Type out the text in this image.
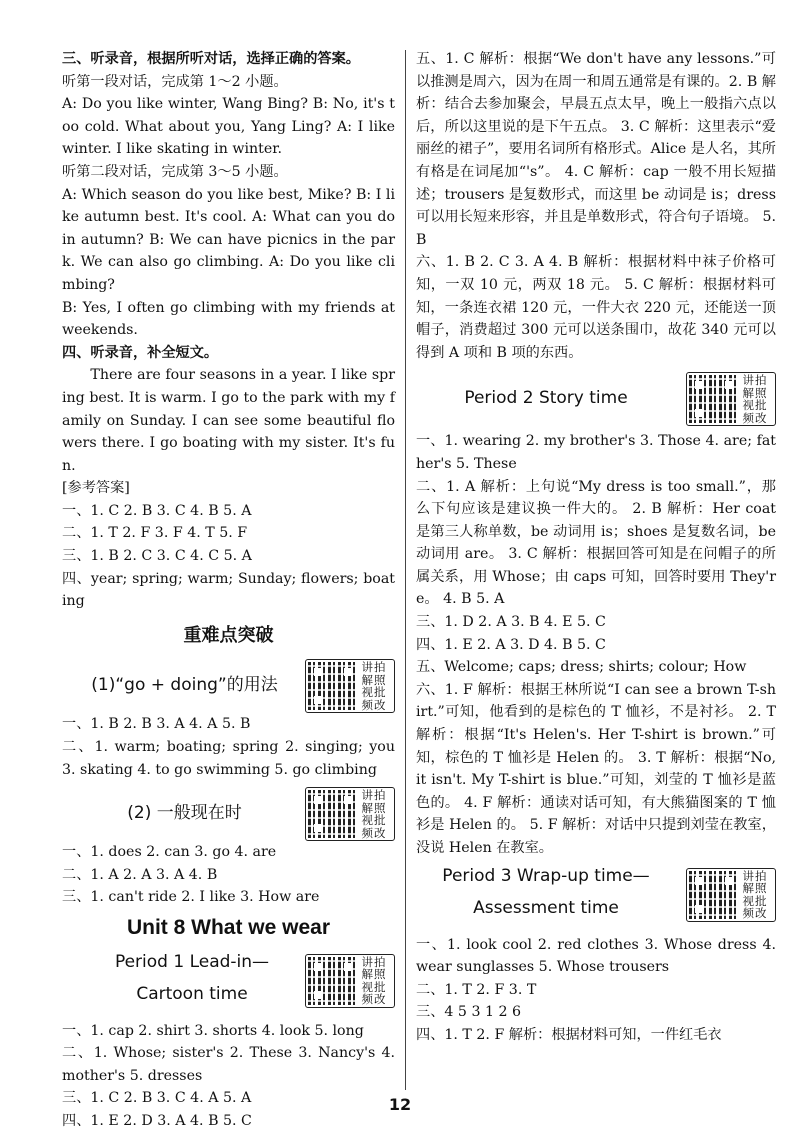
三、听录音，根据所听对话，选择正确的答案。

听第一段对话，完成第 1～2 小题。

A: Do you like winter, Wang Bing? B: No, it's too cold. What about you, Yang Ling? A: I like winter. I like skating in winter.

听第二段对话，完成第 3～5 小题。

A: Which season do you like best, Mike? B: I like autumn best. It's cool. A: What can you do in autumn? B: We can have picnics in the park. We can also go climbing. A: Do you like climbing?

B: Yes, I often go climbing with my friends at weekends.

四、听录音，补全短文。

There are four seasons in a year. I like spring best. It is warm. I go to the park with my family on Sunday. I can see some beautiful flowers there. I go boating with my sister. It's fun.

[参考答案]

一、1. C 2. B 3. C 4. B 5. A

二、1. T 2. F 3. F 4. T 5. F

三、1. B 2. C 3. C 4. C 5. A

四、year; spring; warm; Sunday; flowers; boating

重难点突破

(1)“go + doing”的用法
讲拍
解照
视批
频改

一、1. B 2. B 3. A 4. A 5. B

二、1. warm; boating; spring 2. singing; you 3. skating 4. to go swimming 5. go climbing

(2) 一般现在时
讲拍
解照
视批
频改

一、1. does 2. can 3. go 4. are

二、1. A 2. A 3. A 4. B

三、1. can't ride 2. I like 3. How are

Unit 8 What we wear

Period 1 Lead-in—
Cartoon time
讲拍
解照
视批
频改

一、1. cap 2. shirt 3. shorts 4. look 5. long

二、1. Whose; sister's 2. These 3. Nancy's 4. mother's 5. dresses

三、1. C 2. B 3. C 4. A 5. A

四、1. E 2. D 3. A 4. B 5. C

五、1. C 解析：根据“We don't have any lessons.”可以推测是周六，因为在周一和周五通常是有课的。2. B 解析：结合去参加聚会，早晨五点太早，晚上一般指六点以后，所以这里说的是下午五点。 3. C 解析：这里表示“爱丽丝的裙子”，要用名词所有格形式。Alice 是人名，其所有格是在词尾加“'s”。 4. C 解析：cap 一般不用长短描述；trousers 是复数形式，而这里 be 动词是 is；dress 可以用长短来形容，并且是单数形式，符合句子语境。 5. B

六、1. B 2. C 3. A 4. B 解析：根据材料中袜子价格可知，一双 10 元，两双 18 元。 5. C 解析：根据材料可知，一条连衣裙 120 元，一件大衣 220 元，还能送一顶帽子，消费超过 300 元可以送条围巾，故花 340 元可以得到 A 项和 B 项的东西。

Period 2 Story time
讲拍
解照
视批
频改

一、1. wearing 2. my brother's 3. Those 4. are; father's 5. These

二、1. A 解析：上句说“My dress is too small.”，那么下句应该是建议换一件大的。 2. B 解析：Her coat 是第三人称单数，be 动词用 is；shoes 是复数名词，be 动词用 are。 3. C 解析：根据回答可知是在问帽子的所属关系，用 Whose；由 caps 可知，回答时要用 They're。 4. B 5. A

三、1. D 2. A 3. B 4. E 5. C

四、1. E 2. A 3. D 4. B 5. C

五、Welcome; caps; dress; shirts; colour; How

六、1. F 解析：根据王林所说“I can see a brown T-shirt.”可知，他看到的是棕色的 T 恤衫，不是衬衫。 2. T 解析：根据“It's Helen's. Her T-shirt is brown.”可知，棕色的 T 恤衫是 Helen 的。 3. T 解析：根据“No, it isn't. My T-shirt is blue.”可知，刘莹的 T 恤衫是蓝色的。 4. F 解析：通读对话可知，有大熊猫图案的 T 恤衫是 Helen 的。 5. F 解析：对话中只提到刘莹在教室，没说 Helen 在教室。

Period 3 Wrap-up time—
Assessment time
讲拍
解照
视批
频改

一、1. look cool 2. red clothes 3. Whose dress 4. wear sunglasses 5. Whose trousers

二、1. T 2. F 3. T

三、4 5 3 1 2 6

四、1. T 2. F 解析：根据材料可知，一件红毛衣

12
